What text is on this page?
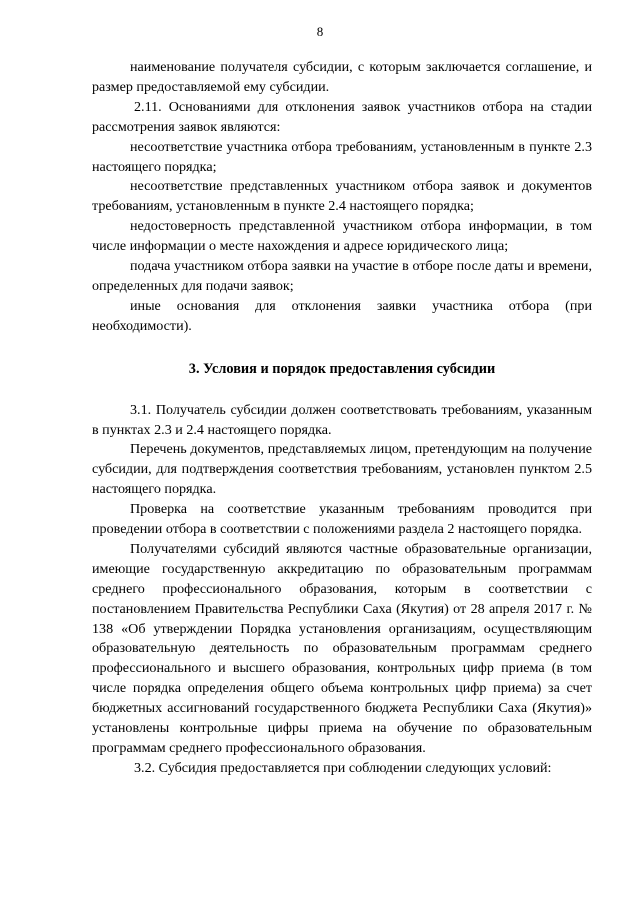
8

наименование получателя субсидии, с которым заключается соглашение, и размер предоставляемой ему субсидии.

2.11. Основаниями для отклонения заявок участников отбора на стадии рассмотрения заявок являются:

несоответствие участника отбора требованиям, установленным в пункте 2.3 настоящего порядка;

несоответствие представленных участником отбора заявок и документов требованиям, установленным в пункте 2.4 настоящего порядка;

недостоверность представленной участником отбора информации, в том числе информации о месте нахождения и адресе юридического лица;

подача участником отбора заявки на участие в отборе после даты и времени, определенных для подачи заявок;

иные основания для отклонения заявки участника отбора (при необходимости).

3. Условия и порядок предоставления субсидии

3.1. Получатель субсидии должен соответствовать требованиям, указанным в пунктах 2.3 и 2.4 настоящего порядка.

Перечень документов, представляемых лицом, претендующим на получение субсидии, для подтверждения соответствия требованиям, установлен пунктом 2.5 настоящего порядка.

Проверка на соответствие указанным требованиям проводится при проведении отбора в соответствии с положениями раздела 2 настоящего порядка.

Получателями субсидий являются частные образовательные организации, имеющие государственную аккредитацию по образовательным программам среднего профессионального образования, которым в соответствии с постановлением Правительства Республики Саха (Якутия) от 28 апреля 2017 г. № 138 «Об утверждении Порядка установления организациям, осуществляющим образовательную деятельность по образовательным программам среднего профессионального и высшего образования, контрольных цифр приема (в том числе порядка определения общего объема контрольных цифр приема) за счет бюджетных ассигнований государственного бюджета Республики Саха (Якутия)» установлены контрольные цифры приема на обучение по образовательным программам среднего профессионального образования.

3.2. Субсидия предоставляется при соблюдении следующих условий:
